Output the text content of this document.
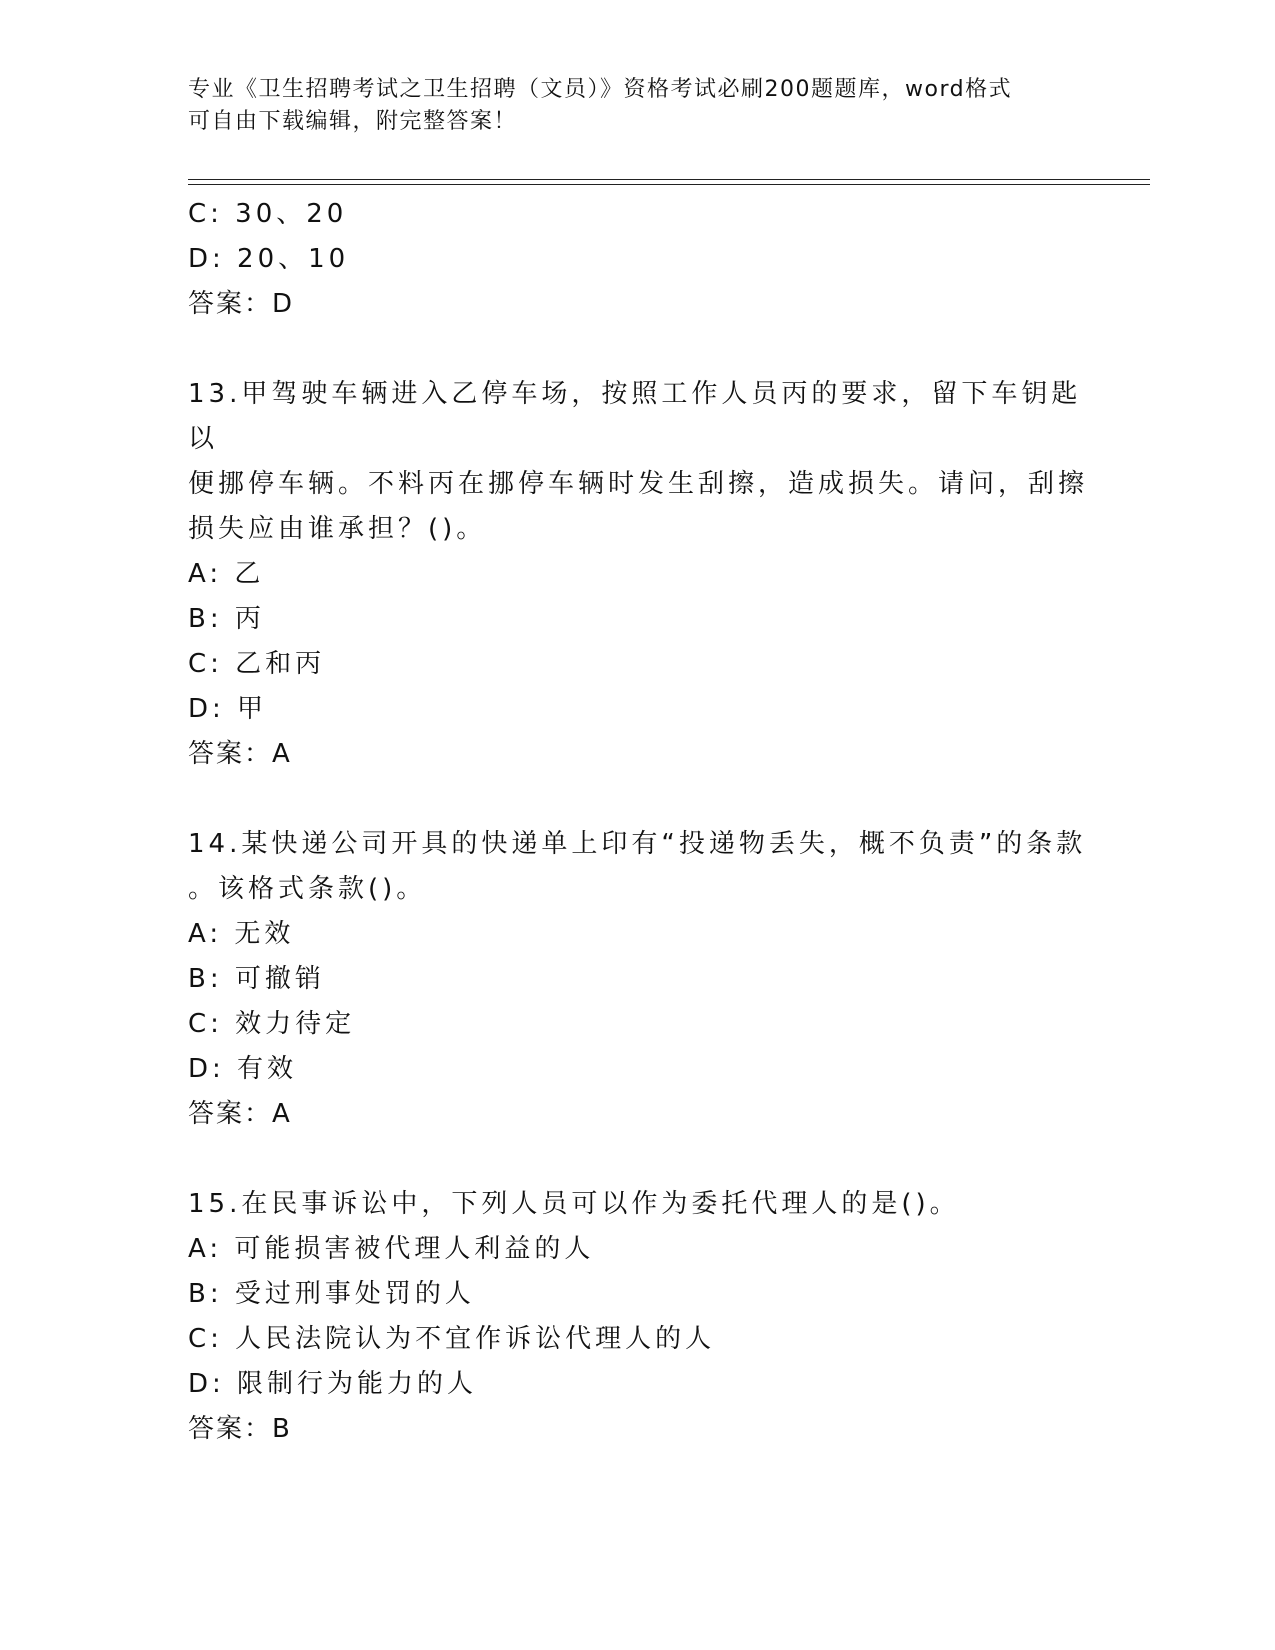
专业《卫生招聘考试之卫生招聘（文员）》资格考试必刷200题题库，word格式
可自由下载编辑，附完整答案！
C: 30、20
D: 20、10
答案：D
13.甲驾驶车辆进入乙停车场，按照工作人员丙的要求，留下车钥匙以
便挪停车辆。不料丙在挪停车辆时发生刮擦，造成损失。请问，刮擦
损失应由谁承担？()。
A: 乙
B: 丙
C: 乙和丙
D: 甲
答案：A
14.某快递公司开具的快递单上印有“投递物丢失，概不负责”的条款
。该格式条款()。
A: 无效
B: 可撤销
C: 效力待定
D: 有效
答案：A
15.在民事诉讼中，下列人员可以作为委托代理人的是()。
A: 可能损害被代理人利益的人
B: 受过刑事处罚的人
C: 人民法院认为不宜作诉讼代理人的人
D: 限制行为能力的人
答案：B
